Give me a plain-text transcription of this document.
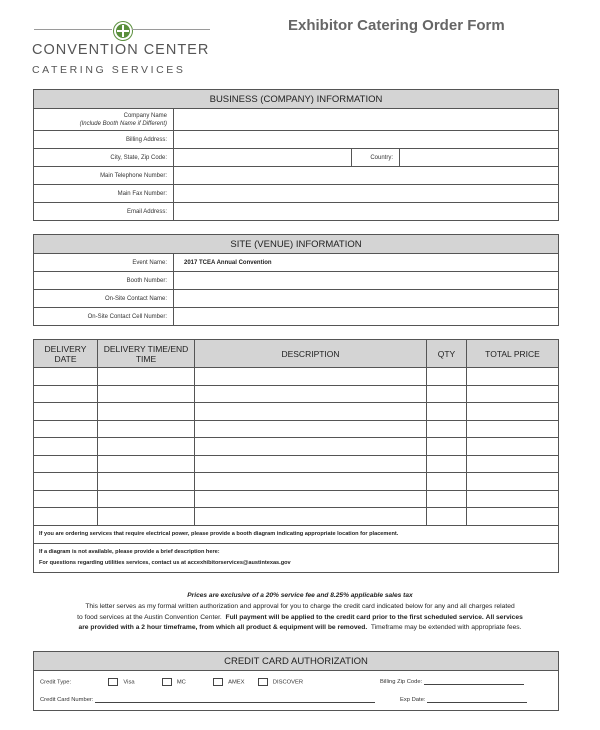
CONVENTION CENTER
CATERING SERVICES
Exhibitor Catering Order Form
BUSINESS (COMPANY) INFORMATION			

Company Name
(Include Booth Name if Different)			

Billing Address:			
City, State, Zip Code:		Country:	
Main Telephone Number:			
Main Fax Number:			
Email Address:			
SITE (VENUE) INFORMATION	
Event Name:	2017 TCEA Annual Convention
Booth Number:	
On-Site Contact Name:	
On-Site Contact Cell Number:	
DELIVERY DATE	DELIVERY TIME/END TIME	DESCRIPTION	QTY	TOTAL PRICE

If you are ordering services that require electrical power, please provide a booth diagram indicating appropriate location for placement.				

If a diagram is not available, please provide a brief description here:
For questions regarding utilities services, contact us at accexhibitorservices@austintexas.gov				
Prices are exclusive of a 20% service fee and 8.25% applicable sales tax
This letter serves as my formal written authorization and approval for you to charge the credit card indicated below for any and all charges related
to food services at the Austin Convention Center. Full payment will be applied to the credit card prior to the first scheduled service. All services
are provided with a 2 hour timeframe, from which all product & equipment will be removed. Timeframe may be extended with appropriate fees.
CREDIT CARD AUTHORIZATION

Credit Type:	Visa	MC	AMEX	DISCOVER	Billing Zip Code:
Credit Card Number:	Exp Date:
